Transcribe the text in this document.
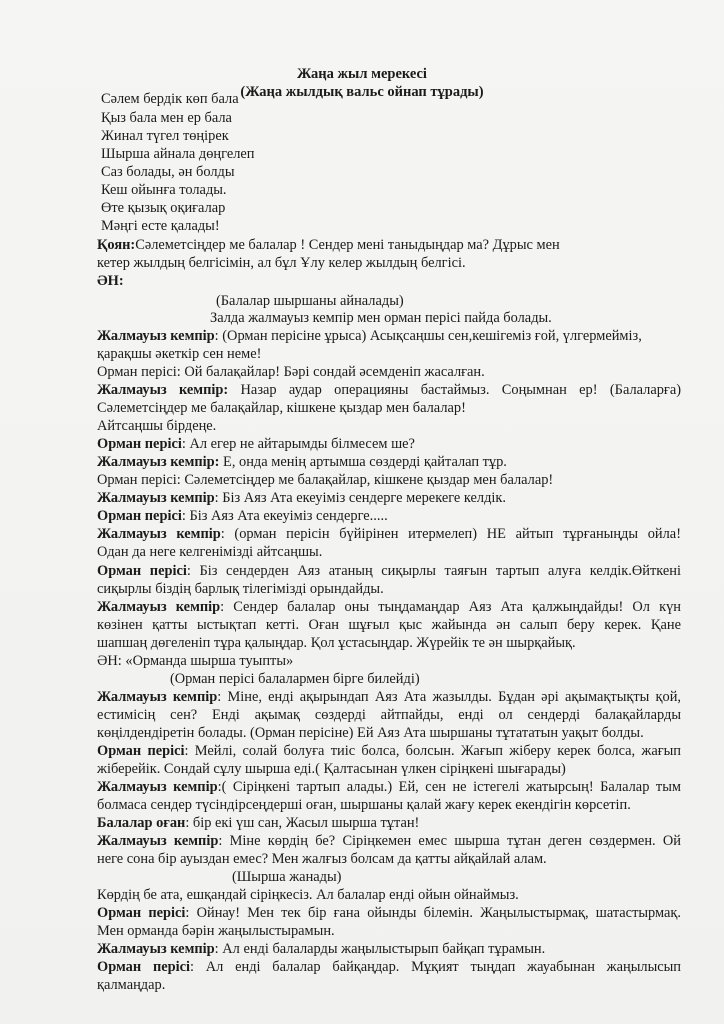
Жаңа жыл мерекесі
(Жаңа жылдық вальс ойнап тұрады)
Сәлем бердік көп бала
Қыз бала мен ер бала
Жинал түгел төңірек
Шырша айнала дөңгелеп
Саз болады, ән болды
Кеш ойынға толады.
Өте қызық оқиғалар
Мәңгі есте қалады!
Қоян:Сәлеметсіңдер ме балалар ! Сендер мені таныдыңдар ма? Дұрыс мен
кетер жылдың белгісімін, ал бұл Ұлу келер жылдың белгісі.
ӘН:
(Балалар шыршаны айналады)
Залда жалмауыз кемпір мен орман перісі пайда болады.
Жалмауыз кемпір: (Орман перісіне ұрыса) Асықсаңшы сен,кешігеміз ғой, үлгермейміз,
қарақшы әкеткір сен неме!
Орман перісі: Ой балақайлар! Бәрі сондай әсемденіп жасалған.
Жалмауыз кемпір: Назар аудар операцияны бастаймыз. Соңымнан ер! (Балаларға)
Сәлеметсіңдер ме балақайлар, кішкене қыздар мен балалар!
Айтсаңшы бірдеңе.
Орман перісі: Ал егер не айтарымды білмесем ше?
Жалмауыз кемпір: Е, онда менің артымша сөздерді қайталап тұр.
Орман перісі: Сәлеметсіңдер ме балақайлар, кішкене қыздар мен балалар!
Жалмауыз кемпір: Біз Аяз Ата екеуіміз сендерге мерекеге келдік.
Орман перісі: Біз Аяз Ата екеуіміз сендерге.....
Жалмауыз кемпір: (орман перісін бүйірінен итермелеп) НЕ айтып тұрғаныңды ойла!
Одан да неге келгенімізді айтсаңшы.
Орман перісі: Біз сендерден Аяз атаның сиқырлы таяғын тартып алуға келдік.Өйткені
сиқырлы біздің барлық тілегімізді орындайды.
Жалмауыз кемпір: Сендер балалар оны тыңдамаңдар Аяз Ата қалжыңдайды! Ол күн
көзінен қатты ыстықтап кетті. Оған шұғыл қыс жайында ән салып беру керек. Қане
шапшаң дөгеленіп тұра қалыңдар. Қол ұстасыңдар. Жүрейік те ән шырқайық.
ӘН: «Орманда шырша туыпты»
(Орман перісі балалармен бірге билейді)
Жалмауыз кемпір: Міне, енді ақырындап Аяз Ата жазылды. Бұдан әрі ақымақтықты қой,
естимісің сен? Енді ақымақ сөздерді айтпайды, енді ол сендерді балақайларды
көңілдендіретін болады. (Орман перісіне) Ей Аяз Ата шыршаны тұтататын уақыт болды.
Орман перісі: Мейлі, солай болуға тиіс болса, болсын. Жағып жіберу керек болса, жағып
жіберейік. Сондай сұлу шырша еді.( Қалтасынан үлкен сіріңкені шығарады)
Жалмауыз кемпір:( Сіріңкені тартып алады.) Ей, сен не істегелі жатырсың! Балалар тым
болмаса сендер түсіндірсеңдерші оған, шыршаны қалай жағу керек екендігін көрсетіп.
Балалар оған: бір екі үш сан, Жасыл шырша тұтан!
Жалмауыз кемпір: Міне көрдің бе? Сіріңкемен емес шырша тұтан деген сөздермен. Ой
неге сона бір ауыздан емес? Мен жалғыз болсам да қатты айқайлай алам.
(Шырша жанады)
Көрдің бе ата, ешқандай сіріңкесіз. Ал балалар енді ойын ойнаймыз.
Орман перісі: Ойнау! Мен тек бір ғана ойынды білемін. Жаңылыстырмақ, шатастырмақ.
Мен орманда бәрін жаңылыстырамын.
Жалмауыз кемпір: Ал енді балаларды жаңылыстырып байқап тұрамын.
Орман перісі: Ал енді балалар байқаңдар. Мұқият тыңдап жауабынан жаңылысып
қалмаңдар.
